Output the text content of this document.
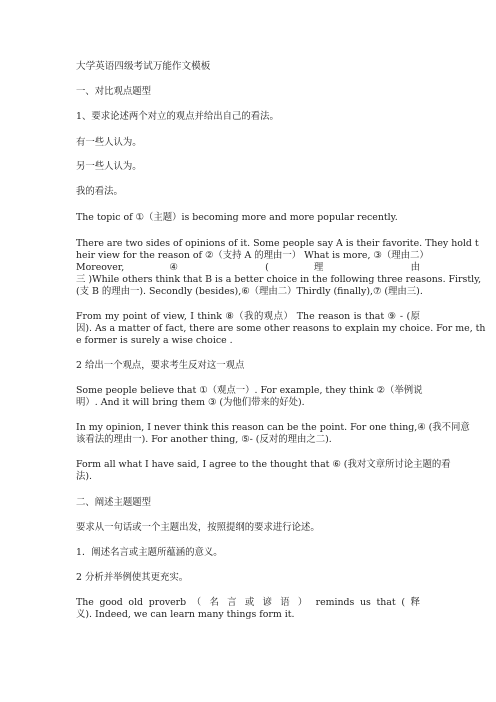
大学英语四级考试万能作文模板
一、对比观点题型
1、要求论述两个对立的观点并给出自己的看法。
有一些人认为。
另一些人认为。
我的看法。
The topic of ①（主题）is becoming more and more popular recently.
There are two sides of opinions of it. Some people say A is their favorite. They hold t
heir view for the reason of ②（支持 A 的理由一） What is more, ③（理由二）
Moreover, ④ ( 理 由
三 )While others think that B is a better choice in the following three reasons. Firstly,
(支 B 的理由一). Secondly (besides),⑥（理由二）Thirdly (finally),⑦ (理由三).
From my point of view, I think ⑧（我的观点） The reason is that ⑨ - (原
因). As a matter of fact, there are some other reasons to explain my choice. For me, th
e former is surely a wise choice .
2 给出一个观点，要求考生反对这一观点
Some people believe that ①（观点一）. For example, they think ②（举例说
明）. And it will bring them ③ (为他们带来的好处).
In my opinion, I never think this reason can be the point. For one thing,④ (我不同意
该看法的理由一). For another thing, ⑤- (反对的理由之二).
Form all what I have said, I agree to the thought that ⑥ (我对文章所讨论主题的看
法).
二、阐述主题题型
要求从一句话或一个主题出发，按照提纲的要求进行论述。
1．阐述名言或主题所蕴涵的意义。
2 分析并举例使其更充实。
The good old proverb （ 名 言 或 谚 语 ） reminds us that ( 释
义). Indeed, we can learn many things form it.
